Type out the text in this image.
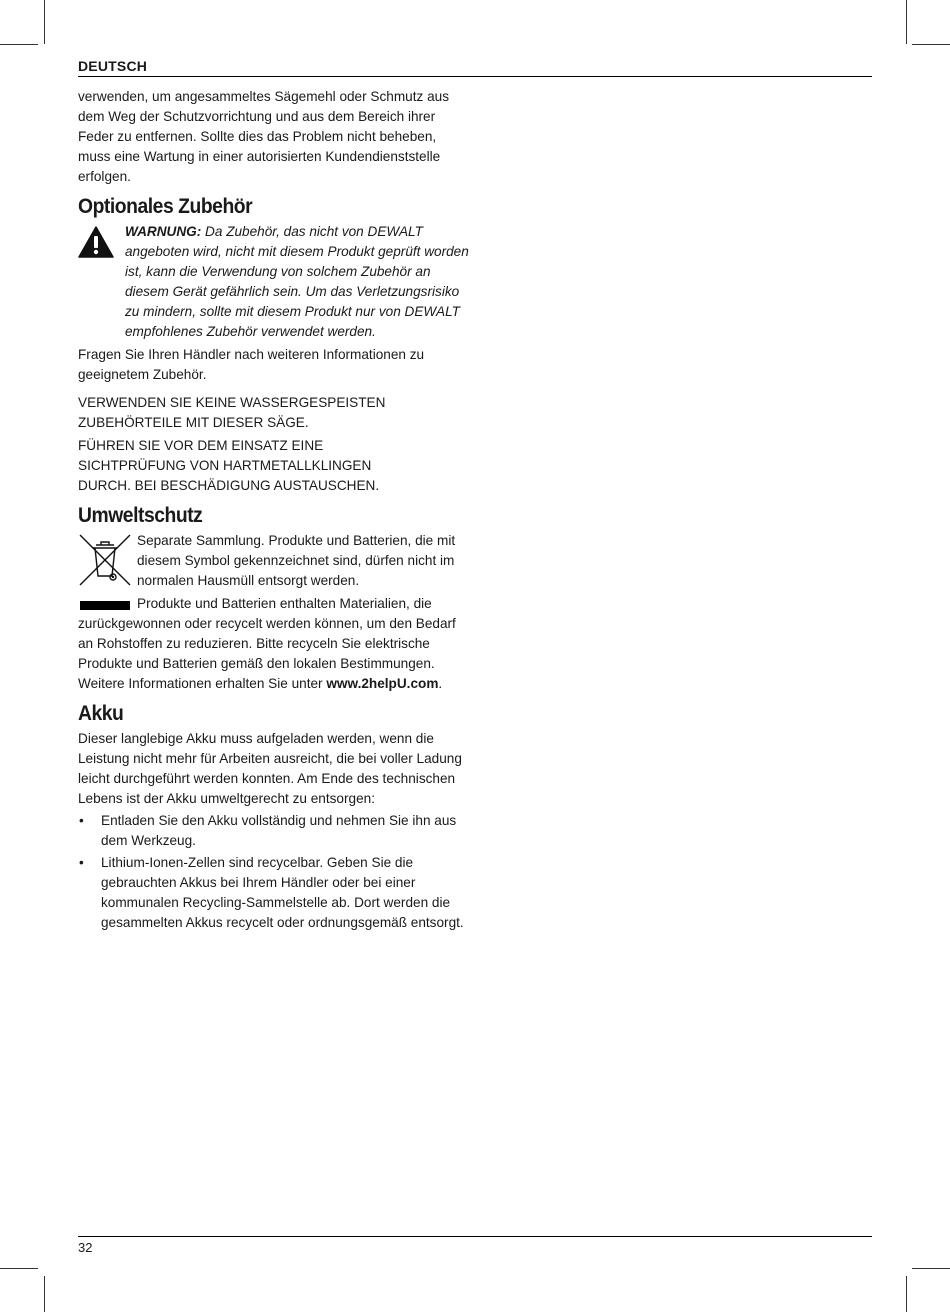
DEUTSCH

verwenden, um angesammeltes Sägemehl oder Schmutz aus dem Weg der Schutzvorrichtung und aus dem Bereich ihrer Feder zu entfernen. Sollte dies das Problem nicht beheben, muss eine Wartung in einer autorisierten Kundendienststelle erfolgen.

Optionales Zubehör

WARNUNG: Da Zubehör, das nicht von DEWALT angeboten wird, nicht mit diesem Produkt geprüft worden ist, kann die Verwendung von solchem Zubehör an diesem Gerät gefährlich sein. Um das Verletzungsrisiko zu mindern, sollte mit diesem Produkt nur von DEWALT empfohlenes Zubehör verwendet werden.

Fragen Sie Ihren Händler nach weiteren Informationen zu geeignetem Zubehör.

VERWENDEN SIE KEINE WASSERGESPEISTEN ZUBEHÖRTEILE MIT DIESER SÄGE.

FÜHREN SIE VOR DEM EINSATZ EINE SICHTPRÜFUNG VON HARTMETALLKLINGEN DURCH. BEI BESCHÄDIGUNG AUSTAUSCHEN.

Umweltschutz

Separate Sammlung. Produkte und Batterien, die mit diesem Symbol gekennzeichnet sind, dürfen nicht im normalen Hausmüll entsorgt werden.

Produkte und Batterien enthalten Materialien, die zurückgewonnen oder recycelt werden können, um den Bedarf an Rohstoffen zu reduzieren. Bitte recyceln Sie elektrische Produkte und Batterien gemäß den lokalen Bestimmungen. Weitere Informationen erhalten Sie unter www.2helpU.com.

Akku

Dieser langlebige Akku muss aufgeladen werden, wenn die Leistung nicht mehr für Arbeiten ausreicht, die bei voller Ladung leicht durchgeführt werden konnten. Am Ende des technischen Lebens ist der Akku umweltgerecht zu entsorgen:

• Entladen Sie den Akku vollständig und nehmen Sie ihn aus dem Werkzeug.
• Lithium-Ionen-Zellen sind recycelbar. Geben Sie die gebrauchten Akkus bei Ihrem Händler oder bei einer kommunalen Recycling-Sammelstelle ab. Dort werden die gesammelten Akkus recycelt oder ordnungsgemäß entsorgt.
32
